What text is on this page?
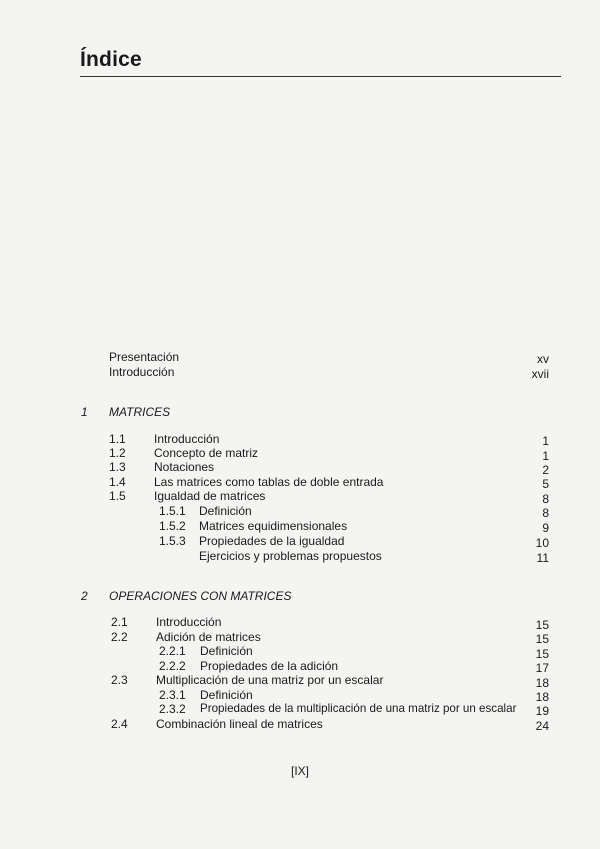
Índice
Presentación	xv
Introducción	xvii
1 MATRICES
1.1 Introducción	1
1.2 Concepto de matriz	1
1.3 Notaciones	2
1.4 Las matrices como tablas de doble entrada	5
1.5 Igualdad de matrices	8
1.5.1 Definición	8
1.5.2 Matrices equidimensionales	9
1.5.3 Propiedades de la igualdad	10
Ejercicios y problemas propuestos	11
2 OPERACIONES CON MATRICES
2.1 Introducción	15
2.2 Adición de matrices	15
2.2.1 Definición	15
2.2.2 Propiedades de la adición	17
2.3 Multiplicación de una matriz por un escalar	18
2.3.1 Definición	18
2.3.2 Propiedades de la multiplicación de una matriz por un escalar	19
2.4 Combinación lineal de matrices	24
[IX]
